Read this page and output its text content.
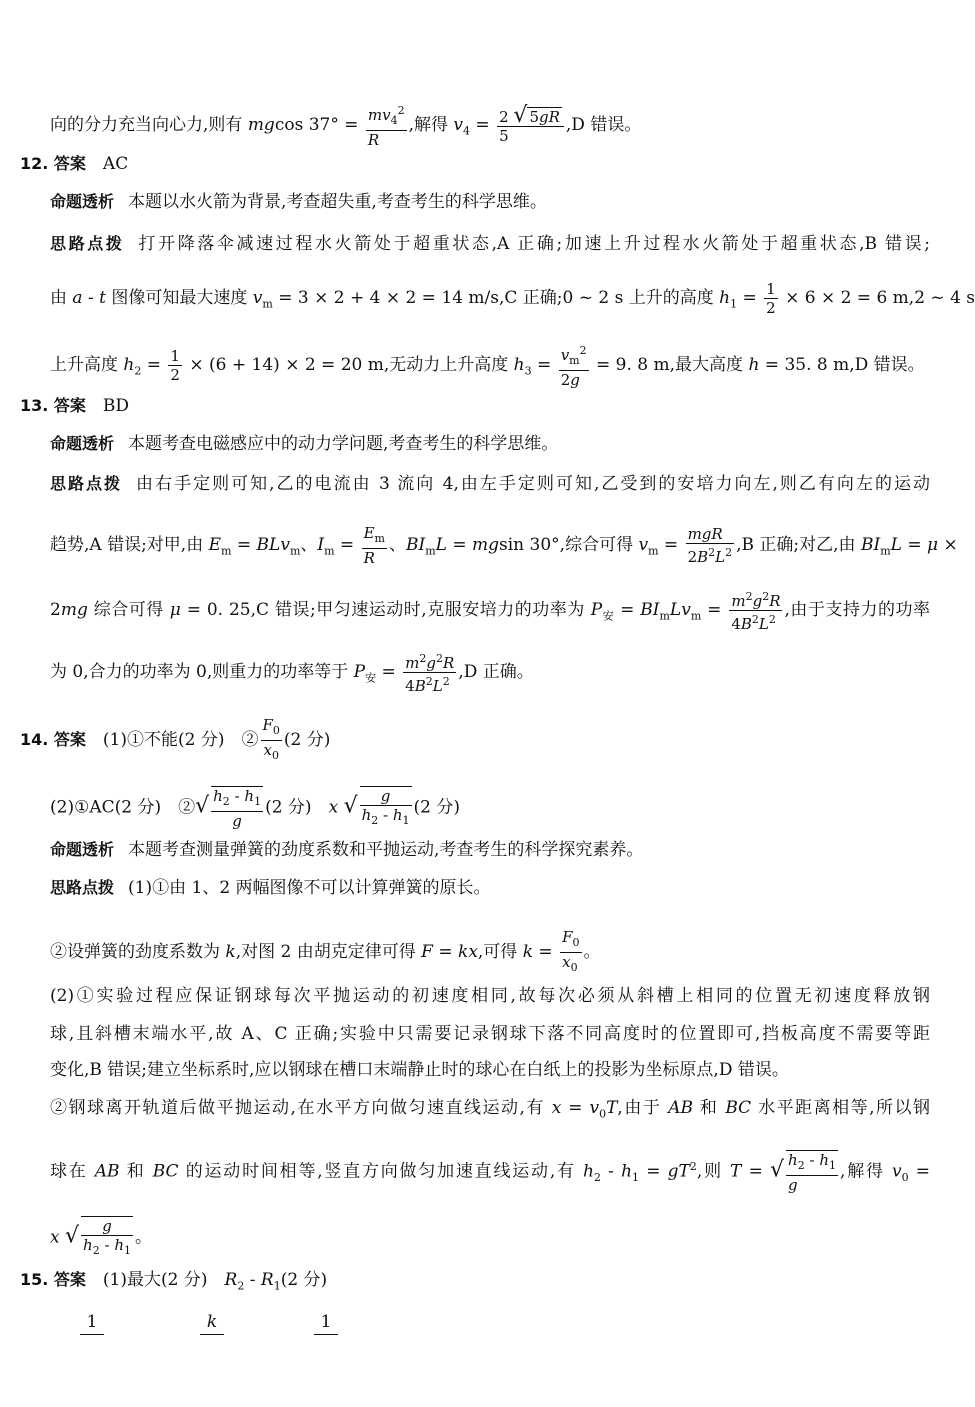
向的分力充当向心力,则有 mgcos $37^\circ = \frac{mv_4^2}{R}$ ,解得 $v_4 = \frac{2 √ 5gR}{5} ,D$ 错误。
12. 答案　AC
命题透析 本题以水火箭为背景,考查超失重,考查考生的科学思维。
思路点拨 打开降落伞减速过程水火箭处于超重状态,A 正确;加速上升过程水火箭处于超重状态,B 错误;
由 a - t 图像可知最大速度 $v_m = 3 \times 2 + 4 \times 2 = 14$ m/s,C 正确;0 ~ 2 s 上升的高度 $h_1 = \frac{1}{2} \times 6 \times 2 = 6$ m,2 ~ 4 s
上升高度 $h_2 = \frac{1}{2} \times (6 + 14) \times 2 = 20$ m,无动力上升高度 $h_3 = \frac{v_m^2}{2g} = 9$. 8 m,最大高度 h = 35. 8 m,D 错误。
13. 答案　BD
命题透析 本题考查电磁感应中的动力学问题,考查考生的科学思维。
思路点拨 由右手定则可知,乙的电流由 3 流向 4,由左手定则可知,乙受到的安培力向左,则乙有向左的运动
趋势,A 错误;对甲,由 $E_m = BLv_m$、$I_m = \frac{E_m}{R}$ 、$BI_mL = mgsin$ 30°,综合可得 $v_m = \frac{\text{mgR}}{2B^2L^2} ,B$ 正确;对乙,由 $BI_mL = \mu$ ×
2mg 综合可得 μ = 0. 25,C 错误;甲匀速运动时,克服安培力的功率为 $P_安 = BI_mLv_m = \frac{m^2g^2R}{4B^2L^2}$ ,由于支持力的功率
为 0,合力的功率为 0,则重力的功率等于 $P_安 = \frac{m^2g^2R}{4B^2L^2} ,D$ 正确。
14. 答案　(1)①不能(2 分)　② $\frac{F_0}{x_0} (2$ 分)
(2)①AC(2 分)　②√ $\frac{h_2 - h_1}{g} (2$ 分)　x √ $\frac{g}{h_2 - h_1} (2$ 分)
命题透析 本题考查测量弹簧的劲度系数和平抛运动,考查考生的科学探究素养。
思路点拨 (1)①由 1、2 两幅图像不可以计算弹簧的原长。
②设弹簧的劲度系数为 k,对图 2 由胡克定律可得 F = kx,可得 $k = \frac{F_0}{x_0}$ 。
(2)①实验过程应保证钢球每次平抛运动的初速度相同,故每次必须从斜槽上相同的位置无初速度释放钢
球,且斜槽末端水平,故 A、C 正确;实验中只需要记录钢球下落不同高度时的位置即可,挡板高度不需要等距
变化,B 错误;建立坐标系时,应以钢球在槽口末端静止时的球心在白纸上的投影为坐标原点,D 错误。
②钢球离开轨道后做平抛运动,在水平方向做匀速直线运动,有 $x = v_0T$,由于 AB 和 BC 水平距离相等,所以钢
球在 AB 和 BC 的运动时间相等,竖直方向做匀加速直线运动,有 $h_2 - h_1 = gT^2$,则 T = √ $\frac{h_2 - h_1}{g}$ ,解得 $v_0$ =
x √ $\frac{g}{h_2 - h_1}$ 。
15. 答案　(1)最大(2 分)　$R_2 - R_1(2$ 分)
1	k	1
